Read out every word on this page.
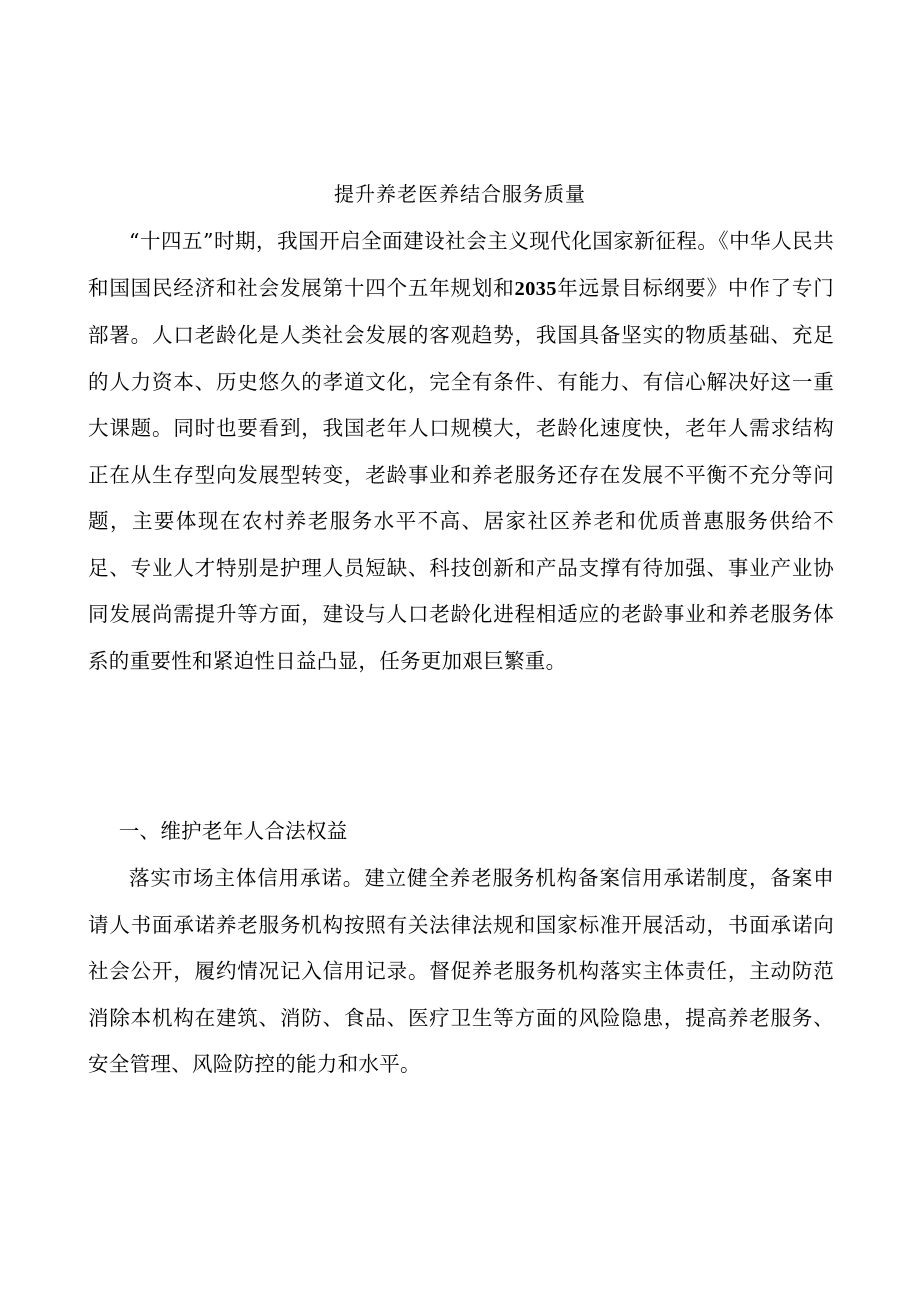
提升养老医养结合服务质量

“十四五”时期，我国开启全面建设社会主义现代化国家新征程。《中华人民共和国国民经济和社会发展第十四个五年规划和2035年远景目标纲要》中作了专门部署。人口老龄化是人类社会发展的客观趋势，我国具备坚实的物质基础、充足的人力资本、历史悠久的孝道文化，完全有条件、有能力、有信心解决好这一重大课题。同时也要看到，我国老年人口规模大，老龄化速度快，老年人需求结构正在从生存型向发展型转变，老龄事业和养老服务还存在发展不平衡不充分等问题，主要体现在农村养老服务水平不高、居家社区养老和优质普惠服务供给不足、专业人才特别是护理人员短缺、科技创新和产品支撑有待加强、事业产业协同发展尚需提升等方面，建设与人口老龄化进程相适应的老龄事业和养老服务体系的重要性和紧迫性日益凸显，任务更加艰巨繁重。

一、维护老年人合法权益

落实市场主体信用承诺。建立健全养老服务机构备案信用承诺制度，备案申请人书面承诺养老服务机构按照有关法律法规和国家标准开展活动，书面承诺向社会公开，履约情况记入信用记录。督促养老服务机构落实主体责任，主动防范消除本机构在建筑、消防、食品、医疗卫生等方面的风险隐患，提高养老服务、安全管理、风险防控的能力和水平。
